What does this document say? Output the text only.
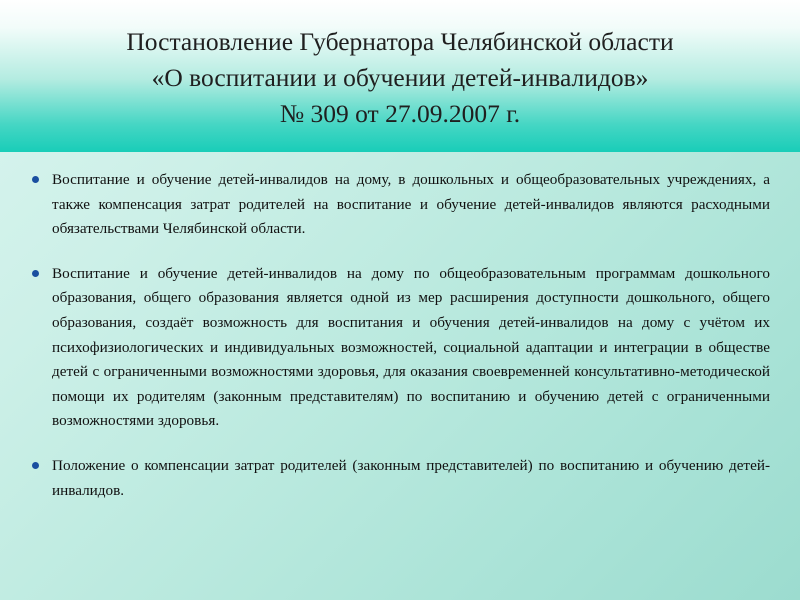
Постановление Губернатора Челябинской области
«О воспитании и обучении детей-инвалидов»
№ 309 от 27.09.2007 г.
Воспитание и обучение детей-инвалидов на дому, в дошкольных и общеобразовательных учреждениях, а также компенсация затрат родителей на воспитание и обучение детей-инвалидов являются расходными обязательствами Челябинской области.
Воспитание и обучение детей-инвалидов на дому по общеобразовательным программам дошкольного образования, общего образования является одной из мер расширения доступности дошкольного, общего образования, создаёт возможность для воспитания и обучения детей-инвалидов на дому с учётом их психофизиологических и индивидуальных возможностей, социальной адаптации и интеграции в обществе детей с ограниченными возможностями здоровья, для оказания своевременней консультативно-методической помощи их родителям (законным представителям) по воспитанию и обучению детей с ограниченными возможностями здоровья.
Положение о компенсации затрат родителей (законным представителей) по воспитанию и обучению детей-инвалидов.
